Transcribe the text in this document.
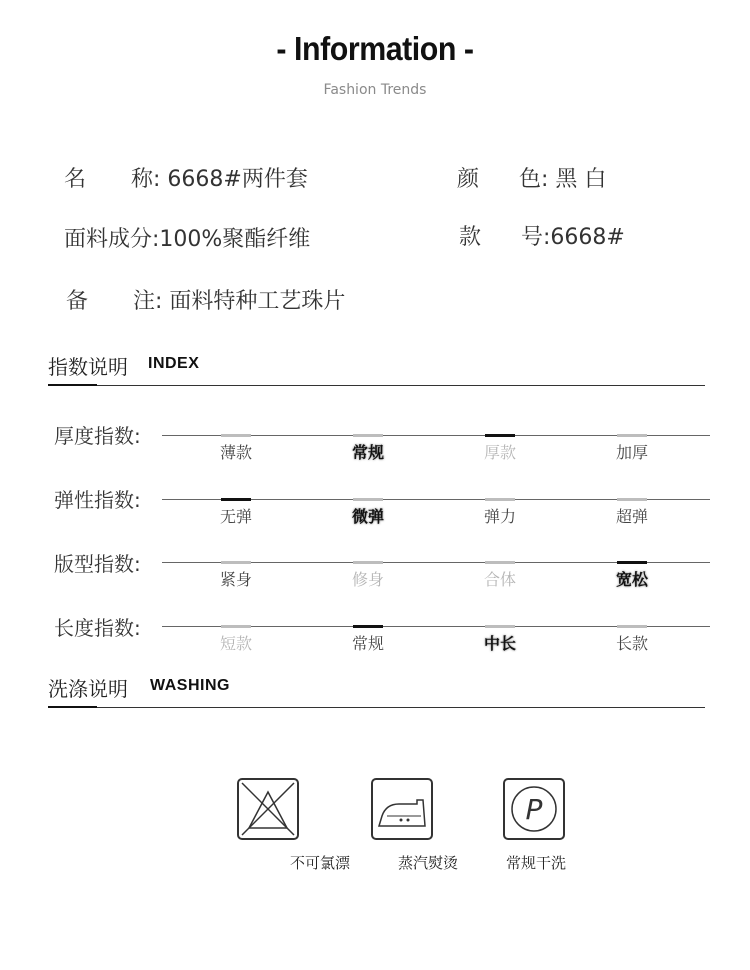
- Information -
Fashion Trends
名 称: 6668#两件套	颜 色: 黑 白
面料成分:100%聚酯纤维	款 号:6668#
备 注: 面料特种工艺珠片
指数说明 INDEX
厚度指数:
薄款	常规	厚款	加厚
弹性指数:
无弹	微弹	弹力	超弹
版型指数:
紧身	修身	合体	宽松
长度指数:
短款	常规	中长	长款
洗涤说明 WASHING
P
不可氯漂	蒸汽熨烫	常规干洗
